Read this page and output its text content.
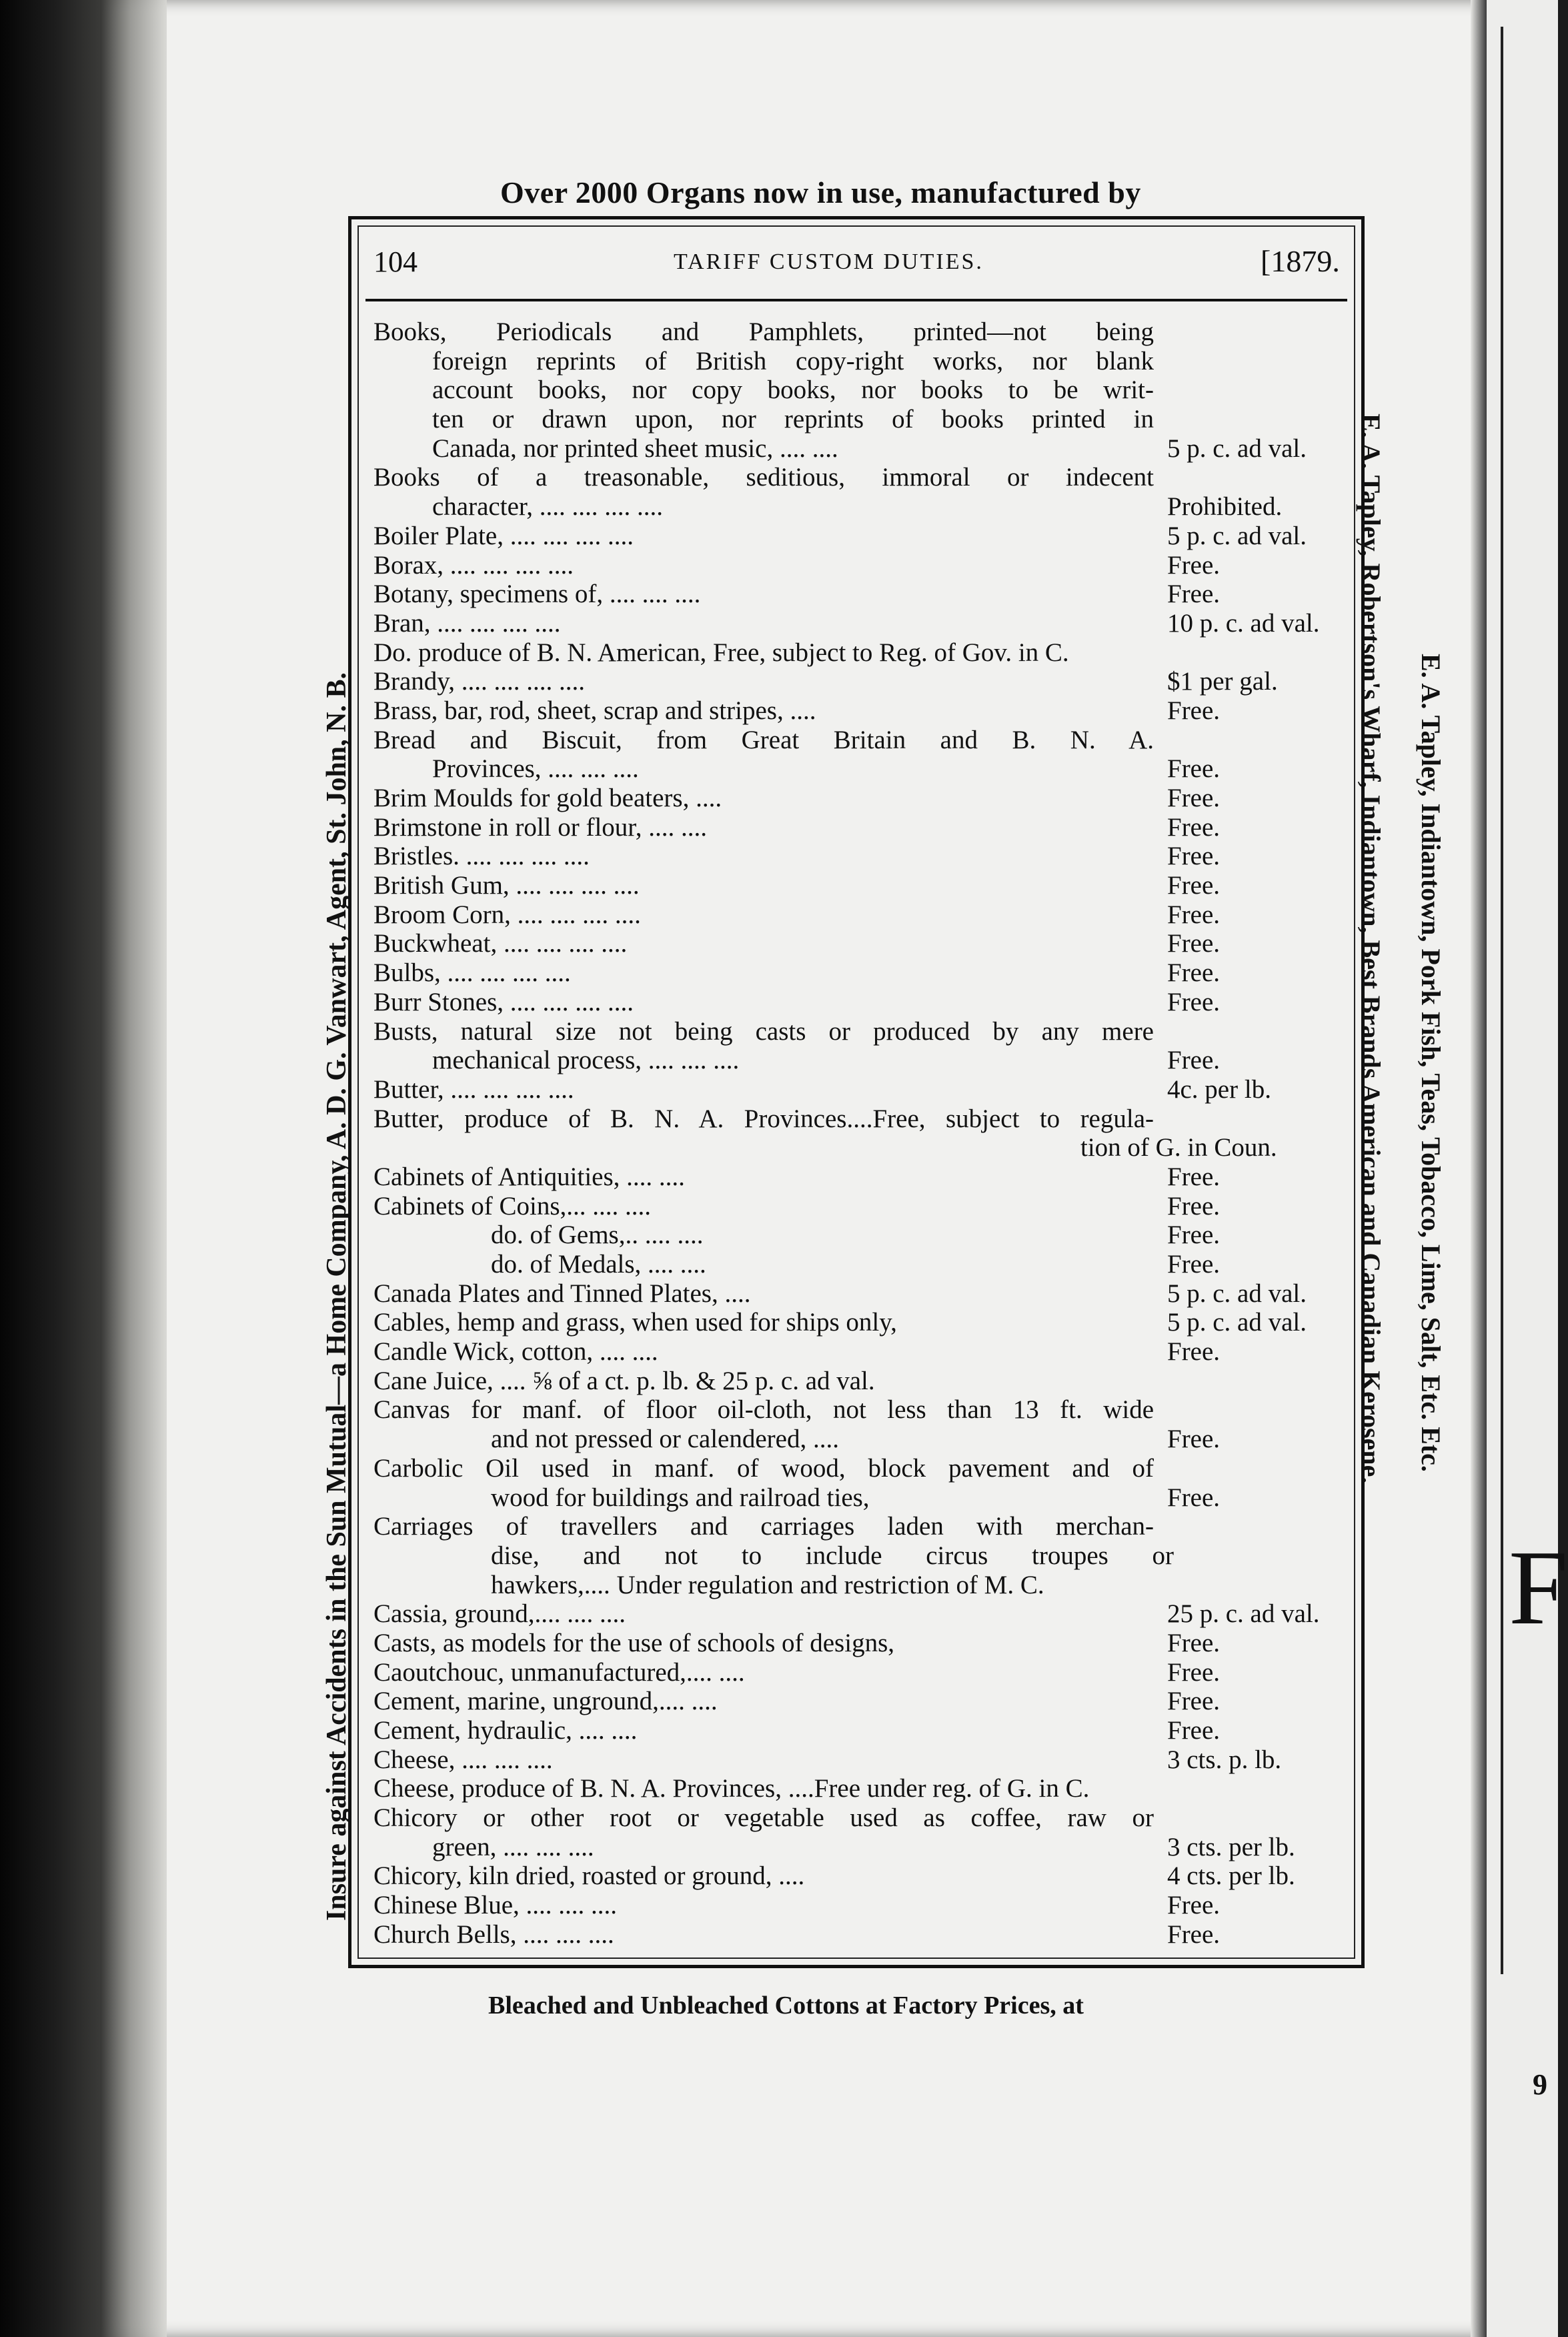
F
9
Over 2000 Organs now in use, manufactured by
104	TARIFF CUSTOM DUTIES.	[1879.
Books, Periodicals and Pamphlets, printed—not being
foreign reprints of British copy-right works, nor blank
account books, nor copy books, nor books to be writ-
ten or drawn upon, nor reprints of books printed in
Canada, nor printed sheet music, .... ....	5 p. c. ad val.
Books of a treasonable, seditious, immoral or indecent
character, .... .... .... ....	Prohibited.
Boiler Plate, .... .... .... ....	5 p. c. ad val.
Borax, .... .... .... ....	Free.
Botany, specimens of, .... .... ....	Free.
Bran, .... .... .... ....	10 p. c. ad val.
Do. produce of B. N. American, Free, subject to Reg. of Gov. in C.
Brandy, .... .... .... ....	$1 per gal.
Brass, bar, rod, sheet, scrap and stripes, ....	Free.
Bread and Biscuit, from Great Britain and B. N. A.
Provinces, .... .... ....	Free.
Brim Moulds for gold beaters, ....	Free.
Brimstone in roll or flour, .... ....	Free.
Bristles. .... .... .... ....	Free.
British Gum, .... .... .... ....	Free.
Broom Corn, .... .... .... ....	Free.
Buckwheat, .... .... .... ....	Free.
Bulbs, .... .... .... ....	Free.
Burr Stones, .... .... .... ....	Free.
Busts, natural size not being casts or produced by any mere
mechanical process, .... .... ....	Free.
Butter, .... .... .... ....	4c. per lb.
Butter, produce of B. N. A. Provinces....Free, subject to regula-
tion of G. in Coun.
Cabinets of Antiquities, .... ....	Free.
Cabinets of Coins,... .... ....	Free.
do. of Gems,.. .... ....	Free.
do. of Medals, .... ....	Free.
Canada Plates and Tinned Plates, ....	5 p. c. ad val.
Cables, hemp and grass, when used for ships only,	5 p. c. ad val.
Candle Wick, cotton, .... ....	Free.
Cane Juice, .... ⅝ of a ct. p. lb. & 25 p. c. ad val.
Canvas for manf. of floor oil-cloth, not less than 13 ft. wide
and not pressed or calendered, ....	Free.
Carbolic Oil used in manf. of wood, block pavement and of
wood for buildings and railroad ties,	Free.
Carriages of travellers and carriages laden with merchan-
dise, and not to include circus troupes or
hawkers,.... Under regulation and restriction of M. C.
Cassia, ground,.... .... ....	25 p. c. ad val.
Casts, as models for the use of schools of designs,	Free.
Caoutchouc, unmanufactured,.... ....	Free.
Cement, marine, unground,.... ....	Free.
Cement, hydraulic, .... ....	Free.
Cheese, .... .... ....	3 cts. p. lb.
Cheese, produce of B. N. A. Provinces, ....Free under reg. of G. in C.
Chicory or other root or vegetable used as coffee, raw or
green, .... .... ....	3 cts. per lb.
Chicory, kiln dried, roasted or ground, ....	4 cts. per lb.
Chinese Blue, .... .... ....	Free.
Church Bells, .... .... ....	Free.
Bleached and Unbleached Cottons at Factory Prices, at
Insure against Accidents in the Sun Mutual—a Home Company, A. D. G. Vanwart, Agent, St. John, N. B.	E. A. Tapley, Robertson's Wharf, Indiantown, Best Brands American and Canadian Kerosene.	E. A. Tapley, Indiantown, Pork Fish, Teas, Tobacco, Lime, Salt, Etc. Etc.
